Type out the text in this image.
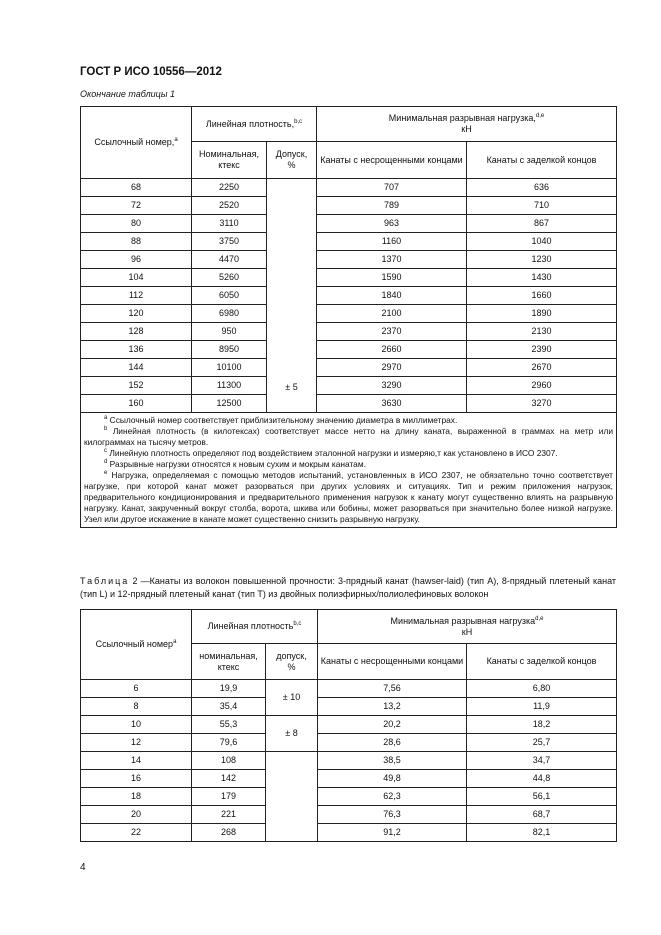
ГОСТ Р ИСО 10556—2012
Окончание таблицы 1
Ссылочный номер,$^а$	Линейная плотность,$^{b,c}$		Минимальная разрывная нагрузка,$^{d,e}$
кН	
	Номинальная,
ктекс	Допуск,
%	Канаты с несрощенными концами	Канаты с заделкой концов
68	2250	± 5	707	636
72	2520		789	710
80	3110		963	867
88	3750		1160	1040
96	4470		1370	1230
104	5260		1590	1430
112	6050		1840	1660
120	6980		2100	1890
128	950		2370	2130
136	8950		2660	2390
144	10100		2970	2670
152	11300		3290	2960
160	12500		3630	3270

$^a$ Ссылочный номер соответствует приблизительному значению диаметра в миллиметрах.

$^b$ Линейная плотность (в килотексах) соответствует массе нетто на длину каната, выраженной в граммах на метр или килограммах на тысячу метров.

$^c$ Линейную плотность определяют под воздействием эталонной нагрузки и измеряю,т как установлено в ИСО 2307.

$^d$ Разрывные нагрузки относятся к новым сухим и мокрым канатам.

$^e$ Нагрузка, определяемая с помощью методов испытаний, установленных в ИСО 2307, не обязательно точно соответствует нагрузке, при которой канат может разорваться при других условиях и ситуациях. Тип и режим приложения нагрузок, предварительного кондиционирования и предварительного применения нагрузок к канату могут существенно влиять на разрывную нагрузку. Канат, закрученный вокруг столба, ворота, шкива или бобины, может разорваться при значительно более низкой нагрузке. Узел или другое искажение в канате может существенно снизить разрывную нагрузку.				

Таблица 2 —Канаты из волокон повышенной прочности: 3-прядный канат (hawser-laid) (тип A), 8-прядный плетеный канат (тип L) и 12-прядный плетеный канат (тип T) из двойных полиэфирных/полиолефиновых волокон
Ссылочный номер$^а$	Линейная плотность$^{b,c}$		Минимальная разрывная нагрузка$^{d,e}$
кН	
	номинальная,
ктекс	допуск,
%	Канаты с несрощенными концами	Канаты с заделкой концов
6	19,9	± 10	7,56	6,80
8	35,4		13,2	11,9
10	55,3	± 8	20,2	18,2
12	79,6		28,6	25,7
14	108		38,5	34,7
16	142		49,8	44,8
18	179		62,3	56,1
20	221		76,3	68,7
22	268		91,2	82,1
4
